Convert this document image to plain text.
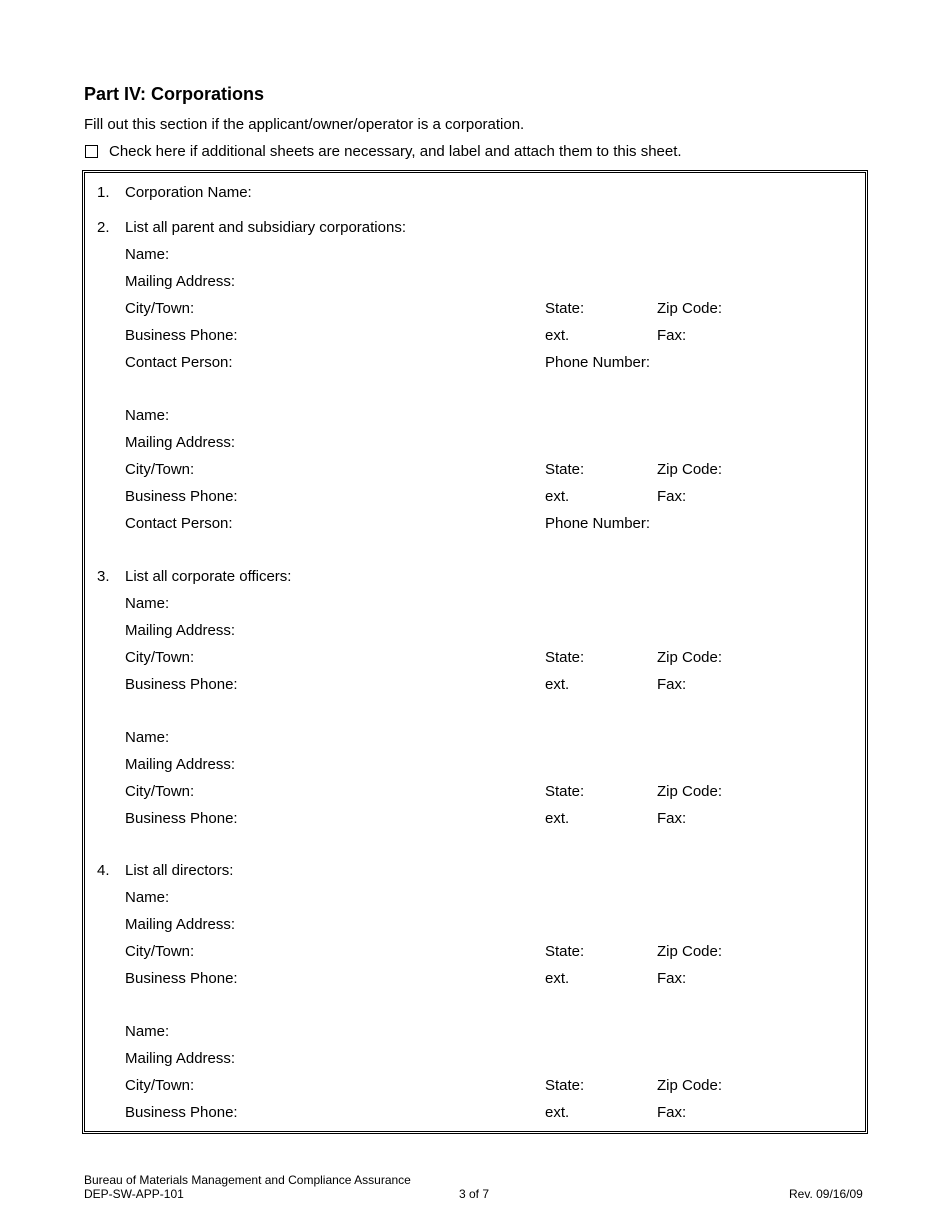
Part IV: Corporations
Fill out this section if the applicant/owner/operator is a corporation.
Check here if additional sheets are necessary, and label and attach them to this sheet.
1. Corporation Name:
2. List all parent and subsidiary corporations:
Name:
Mailing Address:
City/Town:	State:	Zip Code:
Business Phone:	ext.	Fax:
Contact Person:	Phone Number:
Name:
Mailing Address:
City/Town:	State:	Zip Code:
Business Phone:	ext.	Fax:
Contact Person:	Phone Number:
3. List all corporate officers:
Name:
Mailing Address:
City/Town:	State:	Zip Code:
Business Phone:	ext.	Fax:
Name:
Mailing Address:
City/Town:	State:	Zip Code:
Business Phone:	ext.	Fax:
4. List all directors:
Name:
Mailing Address:
City/Town:	State:	Zip Code:
Business Phone:	ext.	Fax:
Name:
Mailing Address:
City/Town:	State:	Zip Code:
Business Phone:	ext.	Fax:
Bureau of Materials Management and Compliance Assurance
DEP-SW-APP-101	3 of 7	Rev. 09/16/09
